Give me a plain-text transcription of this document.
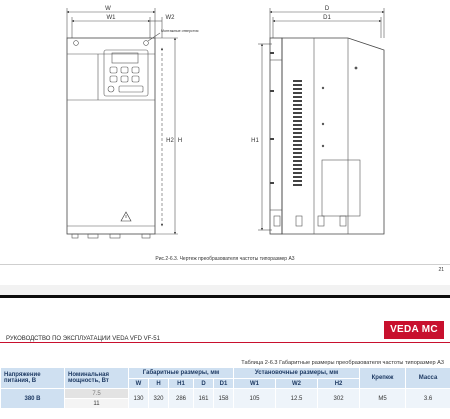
W
W1	W2
H
H2
D
D1
H1
Монтажные отверстия
Рис.2-6.3. Чертеж преобразователя частоты типоразмер А3
21
РУКОВОДСТВО ПО ЭКСПЛУАТАЦИИ VEDA VFD VF-51
VEDA MC
Таблица 2-6.3 Габаритные размеры преобразователя частоты типоразмер А3
Напряжение питания, В	Номинальная мощность, Вт	Габаритные размеры, мм					Установочные размеры, мм			Крепеж	Масса
		W	H	H1	D	D1	W1	W2	H2		
380 В	7.5	130	320	286	161	158	105	12.5	302	M5	3.6
	11										
